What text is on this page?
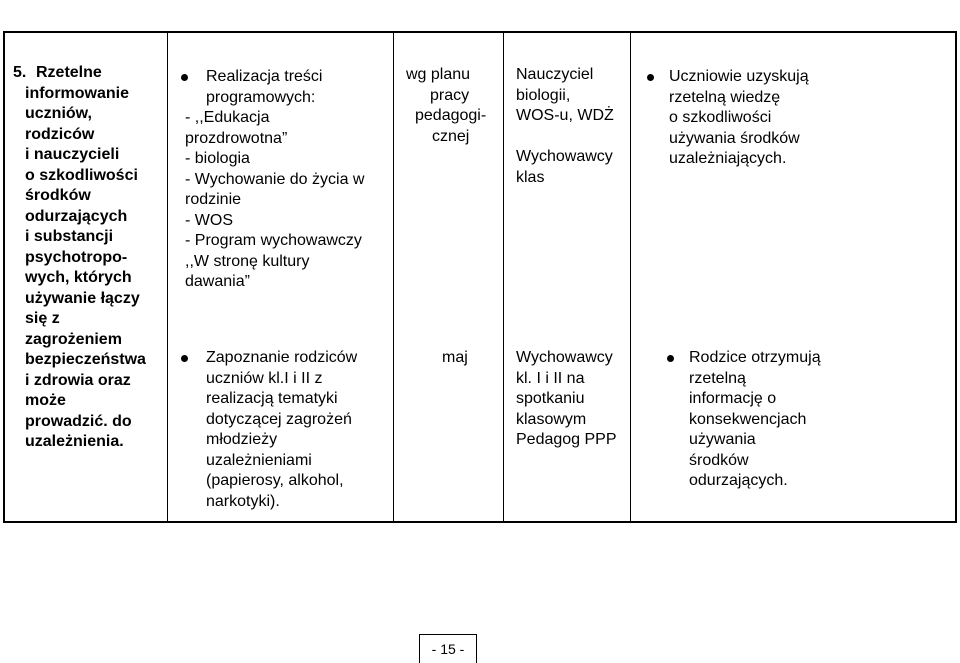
5. Rzetelne
informowanie
uczniów,
rodziców
i nauczycieli
o szkodliwości
środków
odurzających
i substancji
psychotropo-
wych, których
używanie łączy
się z
zagrożeniem
bezpieczeństwa
i zdrowia oraz
może
prowadzić. do
uzależnienia.
Realizacja treści
programowych:
- ,,Edukacja
prozdrowotna”
- biologia
- Wychowanie do życia w
rodzinie
- WOS
- Program wychowawczy
,,W stronę kultury
dawania”
Zapoznanie rodziców
uczniów kl.I i II z
realizacją tematyki
dotyczącej zagrożeń
młodzieży
uzależnieniami
(papierosy, alkohol,
narkotyki).
wg planu
pracy
pedagogi-
cznej
maj
Nauczyciel
biologii,
WOS-u, WDŻ
Wychowawcy
klas
Wychowawcy
kl. I i II na
spotkaniu
klasowym
Pedagog PPP
Uczniowie uzyskują
rzetelną wiedzę
o szkodliwości
używania środków
uzależniających.
Rodzice otrzymują
rzetelną
informację o
konsekwencjach
używania
środków
odurzających.
- 15 -
